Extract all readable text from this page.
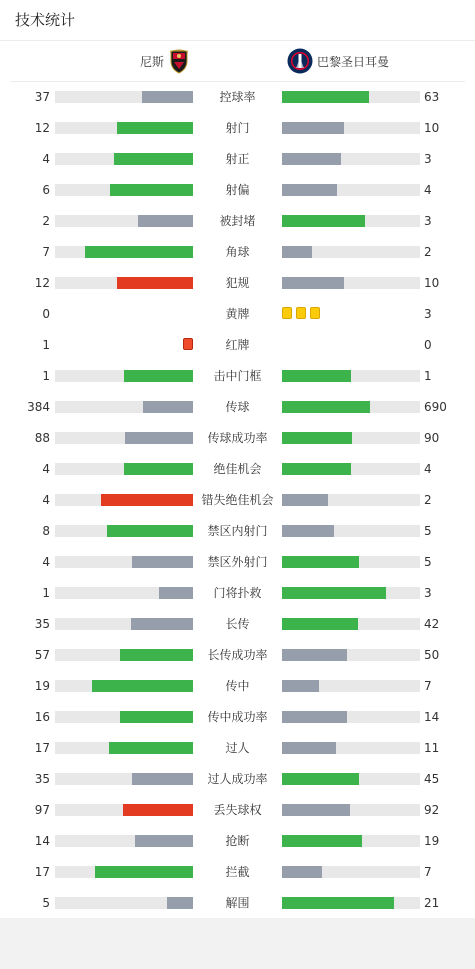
技术统计
尼斯	巴黎圣日耳曼
37	控球率	63
12	射门	10
4	射正	3
6	射偏	4
2	被封堵	3
7	角球	2
12	犯规	10
0	黄牌	3
1	红牌	0
1	击中门框	1
384	传球	690
88	传球成功率	90
4	绝佳机会	4
4	错失绝佳机会	2
8	禁区内射门	5
4	禁区外射门	5
1	门将扑救	3
35	长传	42
57	长传成功率	50
19	传中	7
16	传中成功率	14
17	过人	11
35	过人成功率	45
97	丢失球权	92
14	抢断	19
17	拦截	7
5	解围	21
